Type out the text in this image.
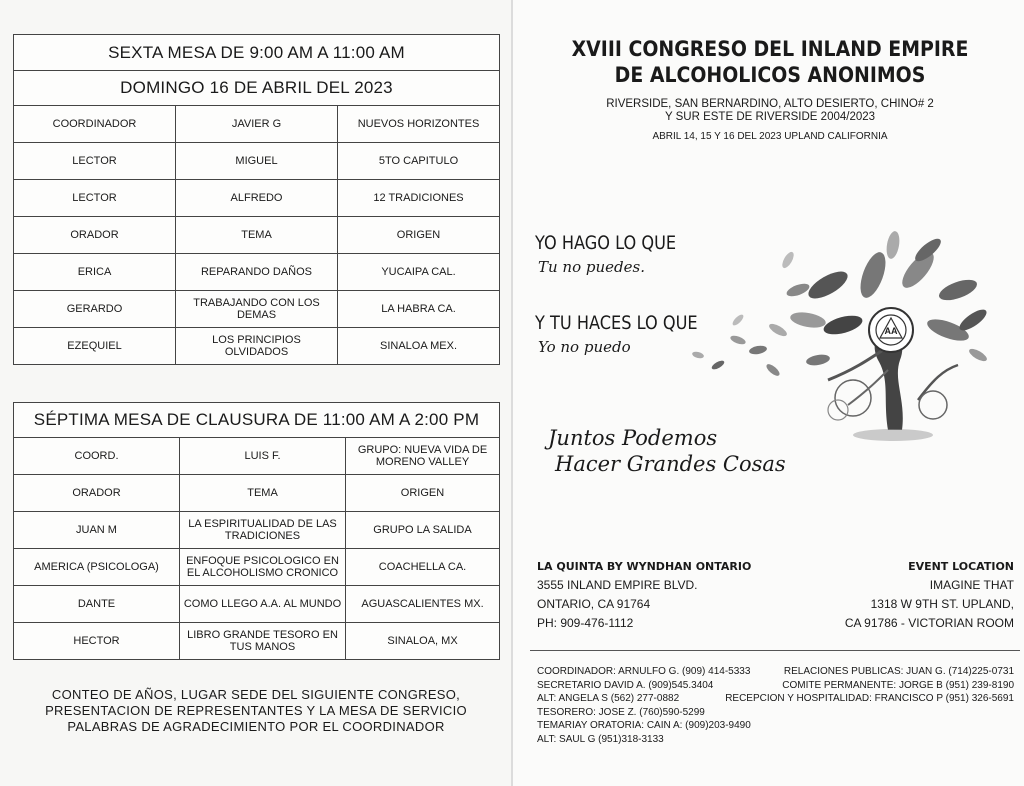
SEXTA MESA DE 9:00 AM A 11:00 AM		
DOMINGO 16 DE ABRIL DEL 2023		
COORDINADOR	JAVIER G	NUEVOS HORIZONTES
LECTOR	MIGUEL	5TO CAPITULO
LECTOR	ALFREDO	12 TRADICIONES
ORADOR	TEMA	ORIGEN
ERICA	REPARANDO DAÑOS	YUCAIPA CAL.
GERARDO	TRABAJANDO CON LOS DEMAS	LA HABRA CA.
EZEQUIEL	LOS PRINCIPIOS OLVIDADOS	SINALOA MEX.
SÉPTIMA MESA DE CLAUSURA DE 11:00 AM A 2:00 PM		
COORD.	LUIS F.	GRUPO: NUEVA VIDA DE MORENO VALLEY
ORADOR	TEMA	ORIGEN
JUAN M	LA ESPIRITUALIDAD DE LAS TRADICIONES	GRUPO LA SALIDA
AMERICA (PSICOLOGA)	ENFOQUE PSICOLOGICO EN EL ALCOHOLISMO CRONICO	COACHELLA CA.
DANTE	COMO LLEGO A.A. AL MUNDO	AGUASCALIENTES MX.
HECTOR	LIBRO GRANDE TESORO EN TUS MANOS	SINALOA, MX
CONTEO DE AÑOS, LUGAR SEDE DEL SIGUIENTE CONGRESO,
PRESENTACION DE REPRESENTANTES Y LA MESA DE SERVICIO
PALABRAS DE AGRADECIMIENTO POR EL COORDINADOR
XVIII CONGRESO DEL INLAND EMPIRE
DE ALCOHOLICOS ANONIMOS
RIVERSIDE, SAN BERNARDINO, ALTO DESIERTO, CHINO# 2
Y SUR ESTE DE RIVERSIDE 2004/2023
ABRIL 14, 15 Y 16 DEL 2023 UPLAND CALIFORNIA
YO HAGO LO QUE
Tu no puedes.
Y TU HACES LO QUE
Yo no puedo
AA
Juntos Podemos
Hacer Grandes Cosas
LA QUINTA BY WYNDHAN ONTARIO
3555 INLAND EMPIRE BLVD.
ONTARIO, CA 91764
PH: 909-476-1112
EVENT LOCATION
IMAGINE THAT
1318 W 9TH ST. UPLAND,
CA 91786 - VICTORIAN ROOM
COORDINADOR: ARNULFO G. (909) 414-5333
SECRETARIO DAVID A. (909)545.3404
ALT: ANGELA S (562) 277-0882
TESORERO: JOSE Z. (760)590-5299
TEMARIAY ORATORIA: CAIN A: (909)203-9490
ALT: SAUL G (951)318-3133
RELACIONES PUBLICAS: JUAN G. (714)225-0731
COMITE PERMANENTE: JORGE B (951) 239-8190
RECEPCION Y HOSPITALIDAD: FRANCISCO P (951) 326-5691
